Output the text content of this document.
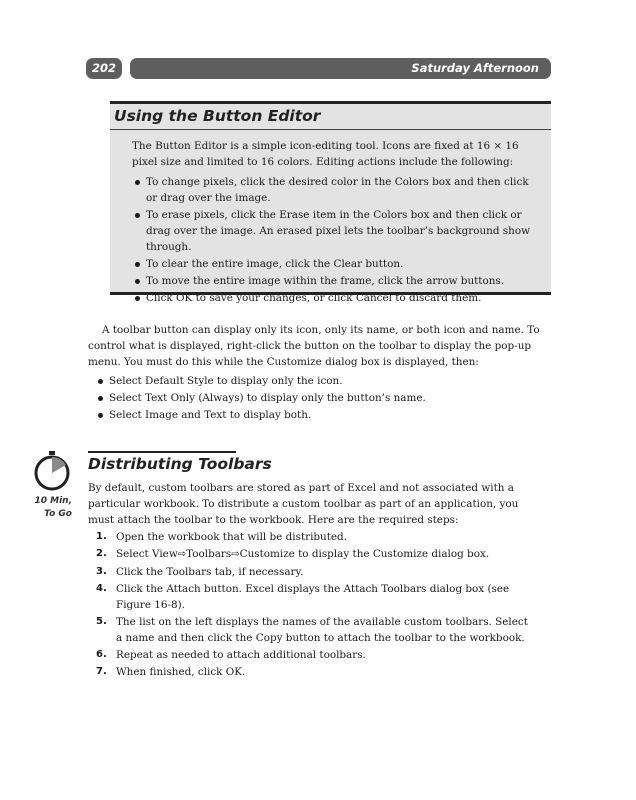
202	Saturday Afternoon
Using the Button Editor

The Button Editor is a simple icon-editing tool. Icons are fixed at 16 × 16 pixel size and limited to 16 colors. Editing actions include the following:

To change pixels, click the desired color in the Colors box and then click or drag over the image.
To erase pixels, click the Erase item in the Colors box and then click or drag over the image. An erased pixel lets the toolbar’s background show through.
To clear the entire image, click the Clear button.
To move the entire image within the frame, click the arrow buttons.
Click OK to save your changes, or click Cancel to discard them.

A toolbar button can display only its icon, only its name, or both icon and name. To control what is displayed, right-click the button on the toolbar to display the pop-up menu. You must do this while the Customize dialog box is displayed, then:

Select Default Style to display only the icon.
Select Text Only (Always) to display only the button’s name.
Select Image and Text to display both.
10 Min,
To Go
Distributing Toolbars

By default, custom toolbars are stored as part of Excel and not associated with a particular workbook. To distribute a custom toolbar as part of an application, you must attach the toolbar to the workbook. Here are the required steps:

1. Open the workbook that will be distributed.
2. Select View⇨Toolbars⇨Customize to display the Customize dialog box.
3. Click the Toolbars tab, if necessary.
4. Click the Attach button. Excel displays the Attach Toolbars dialog box (see Figure 16-8).
5. The list on the left displays the names of the available custom toolbars. Select a name and then click the Copy button to attach the toolbar to the workbook.
6. Repeat as needed to attach additional toolbars.
7. When finished, click OK.
